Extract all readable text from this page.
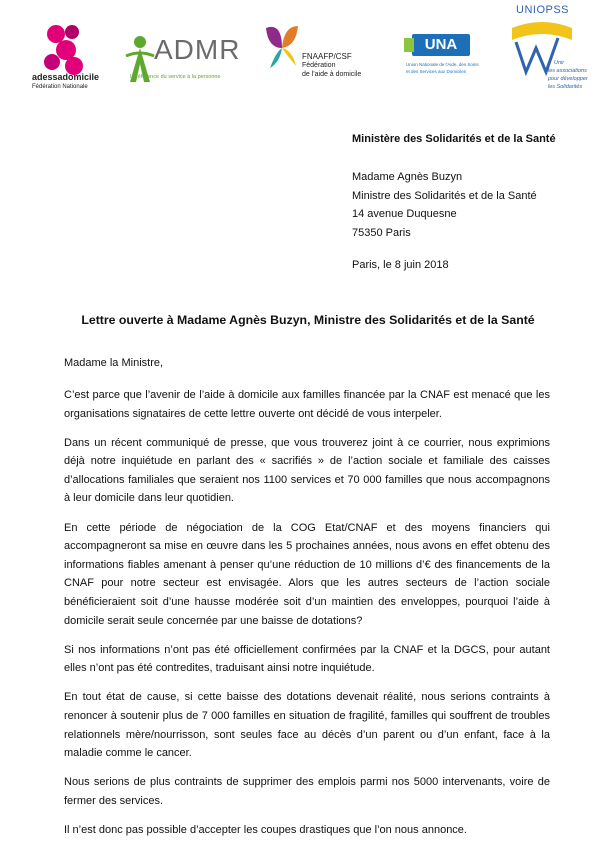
adessadomicile
Fédération Nationale
ADMR
la référence du service à la personne
FNAAFP/CSF
Fédération
de l'aide à domicile
UNA
Union Nationale de l'Aide, des Soins
et des Services aux Domiciles
UNIOPSS
Unir
les associations
pour développer
les Solidarités
Ministère des Solidarités et de la Santé
Madame Agnès Buzyn
Ministre des Solidarités et de la Santé
14 avenue Duquesne
75350 Paris
Paris, le 8 juin 2018
Lettre ouverte à Madame Agnès Buzyn, Ministre des Solidarités et de la Santé
Madame la Ministre,

C’est parce que l’avenir de l’aide à domicile aux familles financée par la CNAF est menacé que les organisations signataires de cette lettre ouverte ont décidé de vous interpeler.

Dans un récent communiqué de presse, que vous trouverez joint à ce courrier, nous exprimions déjà notre inquiétude en parlant des « sacrifiés » de l’action sociale et familiale des caisses d’allocations familiales que seraient nos 1100 services et 70 000 familles que nous accompagnons à leur domicile dans leur quotidien.

En cette période de négociation de la COG Etat/CNAF et des moyens financiers qui accompagneront sa mise en œuvre dans les 5 prochaines années, nous avons en effet obtenu des informations fiables amenant à penser qu’une réduction de 10 millions d’€ des financements de la CNAF pour notre secteur est envisagée. Alors que les autres secteurs de l’action sociale bénéficieraient soit d’une hausse modérée soit d’un maintien des enveloppes, pourquoi l’aide à domicile serait seule concernée par une baisse de dotations?

Si nos informations n’ont pas été officiellement confirmées par la CNAF et la DGCS, pour autant elles n’ont pas été contredites, traduisant ainsi notre inquiétude.

En tout état de cause, si cette baisse des dotations devenait réalité, nous serions contraints à renoncer à soutenir plus de 7 000 familles en situation de fragilité, familles qui souffrent de troubles relationnels mère/nourrisson, sont seules face au décès d’un parent ou d’un enfant, face à la maladie comme le cancer.

Nous serions de plus contraints de supprimer des emplois parmi nos 5000 intervenants, voire de fermer des services.

Il n’est donc pas possible d’accepter les coupes drastiques que l’on nous annonce.
